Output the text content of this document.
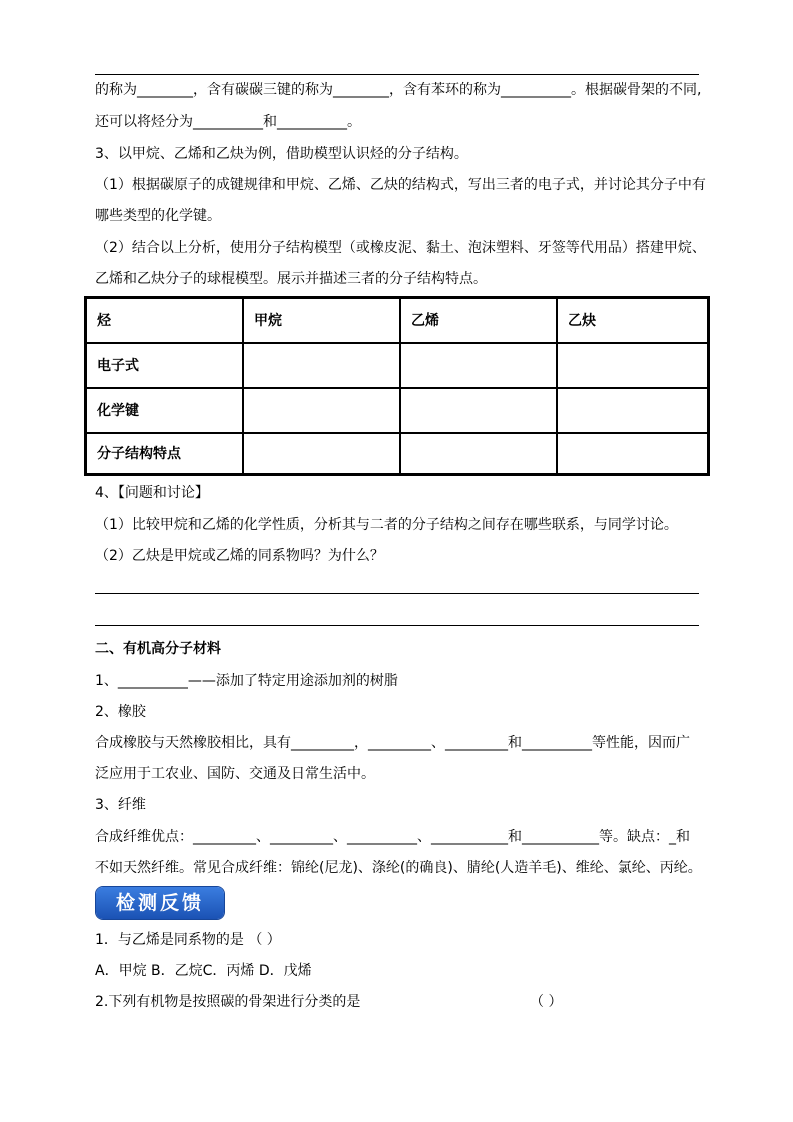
的称为________，含有碳碳三键的称为________，含有苯环的称为__________。根据碳骨架的不同,
还可以将烃分为__________和__________。
3、以甲烷、乙烯和乙炔为例，借助模型认识烃的分子结构。
（1）根据碳原子的成键规律和甲烷、乙烯、乙炔的结构式，写出三者的电子式，并讨论其分子中有
哪些类型的化学键。
（2）结合以上分析，使用分子结构模型（或橡皮泥、黏土、泡沫塑料、牙签等代用品）搭建甲烷、
乙烯和乙炔分子的球棍模型。展示并描述三者的分子结构特点。
烃	甲烷	乙烯	乙炔
电子式			
化学键			
分子结构特点			
4、【问题和讨论】
（1）比较甲烷和乙烯的化学性质，分析其与二者的分子结构之间存在哪些联系，与同学讨论。
（2）乙炔是甲烷或乙烯的同系物吗？为什么？
二、有机高分子材料
1、__________——添加了特定用途添加剂的树脂
2、橡胶
合成橡胶与天然橡胶相比，具有_________，_________、_________和__________等性能，因而广
泛应用于工农业、国防、交通及日常生活中。
3、纤维
合成纤维优点：_________、_________、__________、___________和___________等。缺点：_和
不如天然纤维。常见合成纤维：锦纶(尼龙)、涤纶(的确良)、腈纶(人造羊毛)、维纶、氯纶、丙纶。
检测反馈
1．与乙烯是同系物的是 （ ）
A．甲烷 B．乙烷C．丙烯 D．戊烯
2.下列有机物是按照碳的骨架进行分类的是	（ ）
